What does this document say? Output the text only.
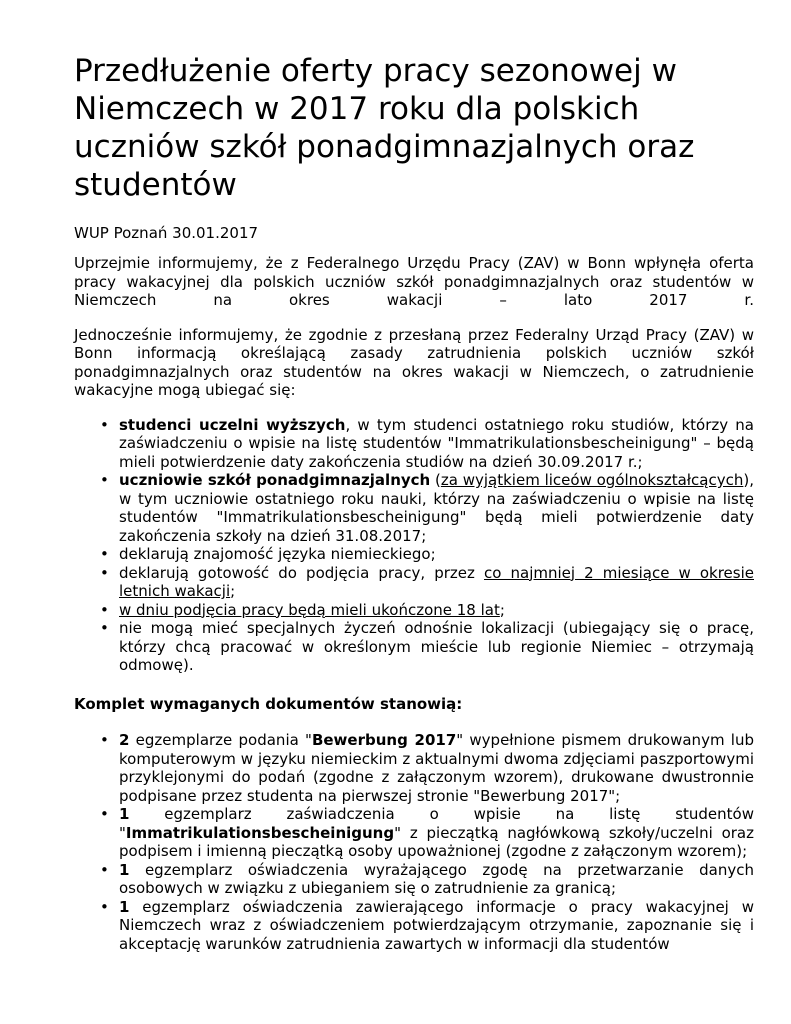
Przedłużenie oferty pracy sezonowej w Niemczech w 2017 roku dla polskich uczniów szkół ponadgimnazjalnych oraz studentów

WUP Poznań 30.01.2017

Uprzejmie informujemy, że z Federalnego Urzędu Pracy (ZAV) w Bonn wpłynęła oferta pracy wakacyjnej dla polskich uczniów szkół ponadgimnazjalnych oraz studentów w Niemczech na okres wakacji – lato 2017 r.

Jednocześnie informujemy, że zgodnie z przesłaną przez Federalny Urząd Pracy (ZAV) w Bonn informacją określającą zasady zatrudnienia polskich uczniów szkół ponadgimnazjalnych oraz studentów na okres wakacji w Niemczech, o zatrudnienie wakacyjne mogą ubiegać się:

• studenci uczelni wyższych, w tym studenci ostatniego roku studiów, którzy na zaświadczeniu o wpisie na listę studentów "Immatrikulationsbescheinigung" – będą mieli potwierdzenie daty zakończenia studiów na dzień 30.09.2017 r.;
• uczniowie szkół ponadgimnazjalnych (za wyjątkiem liceów ogólnokształcących), w tym uczniowie ostatniego roku nauki, którzy na zaświadczeniu o wpisie na listę studentów "Immatrikulationsbescheinigung" będą mieli potwierdzenie daty zakończenia szkoły na dzień 31.08.2017;
• deklarują znajomość języka niemieckiego;
• deklarują gotowość do podjęcia pracy, przez co najmniej 2 miesiące w okresie letnich wakacji;
• w dniu podjęcia pracy będą mieli ukończone 18 lat;
• nie mogą mieć specjalnych życzeń odnośnie lokalizacji (ubiegający się o pracę, którzy chcą pracować w określonym mieście lub regionie Niemiec – otrzymają odmowę).

Komplet wymaganych dokumentów stanowią:

• 2 egzemplarze podania "Bewerbung 2017" wypełnione pismem drukowanym lub komputerowym w języku niemieckim z aktualnymi dwoma zdjęciami paszportowymi przyklejonymi do podań (zgodne z załączonym wzorem), drukowane dwustronnie podpisane przez studenta na pierwszej stronie "Bewerbung 2017";
• 1 egzemplarz zaświadczenia o wpisie na listę studentów "Immatrikulationsbescheinigung" z pieczątką nagłówkową szkoły/uczelni oraz podpisem i imienną pieczątką osoby upoważnionej (zgodne z załączonym wzorem);
• 1 egzemplarz oświadczenia wyrażającego zgodę na przetwarzanie danych osobowych w związku z ubieganiem się o zatrudnienie za granicą;
• 1 egzemplarz oświadczenia zawierającego informacje o pracy wakacyjnej w Niemczech wraz z oświadczeniem potwierdzającym otrzymanie, zapoznanie się i akceptację warunków zatrudnienia zawartych w informacji dla studentów
